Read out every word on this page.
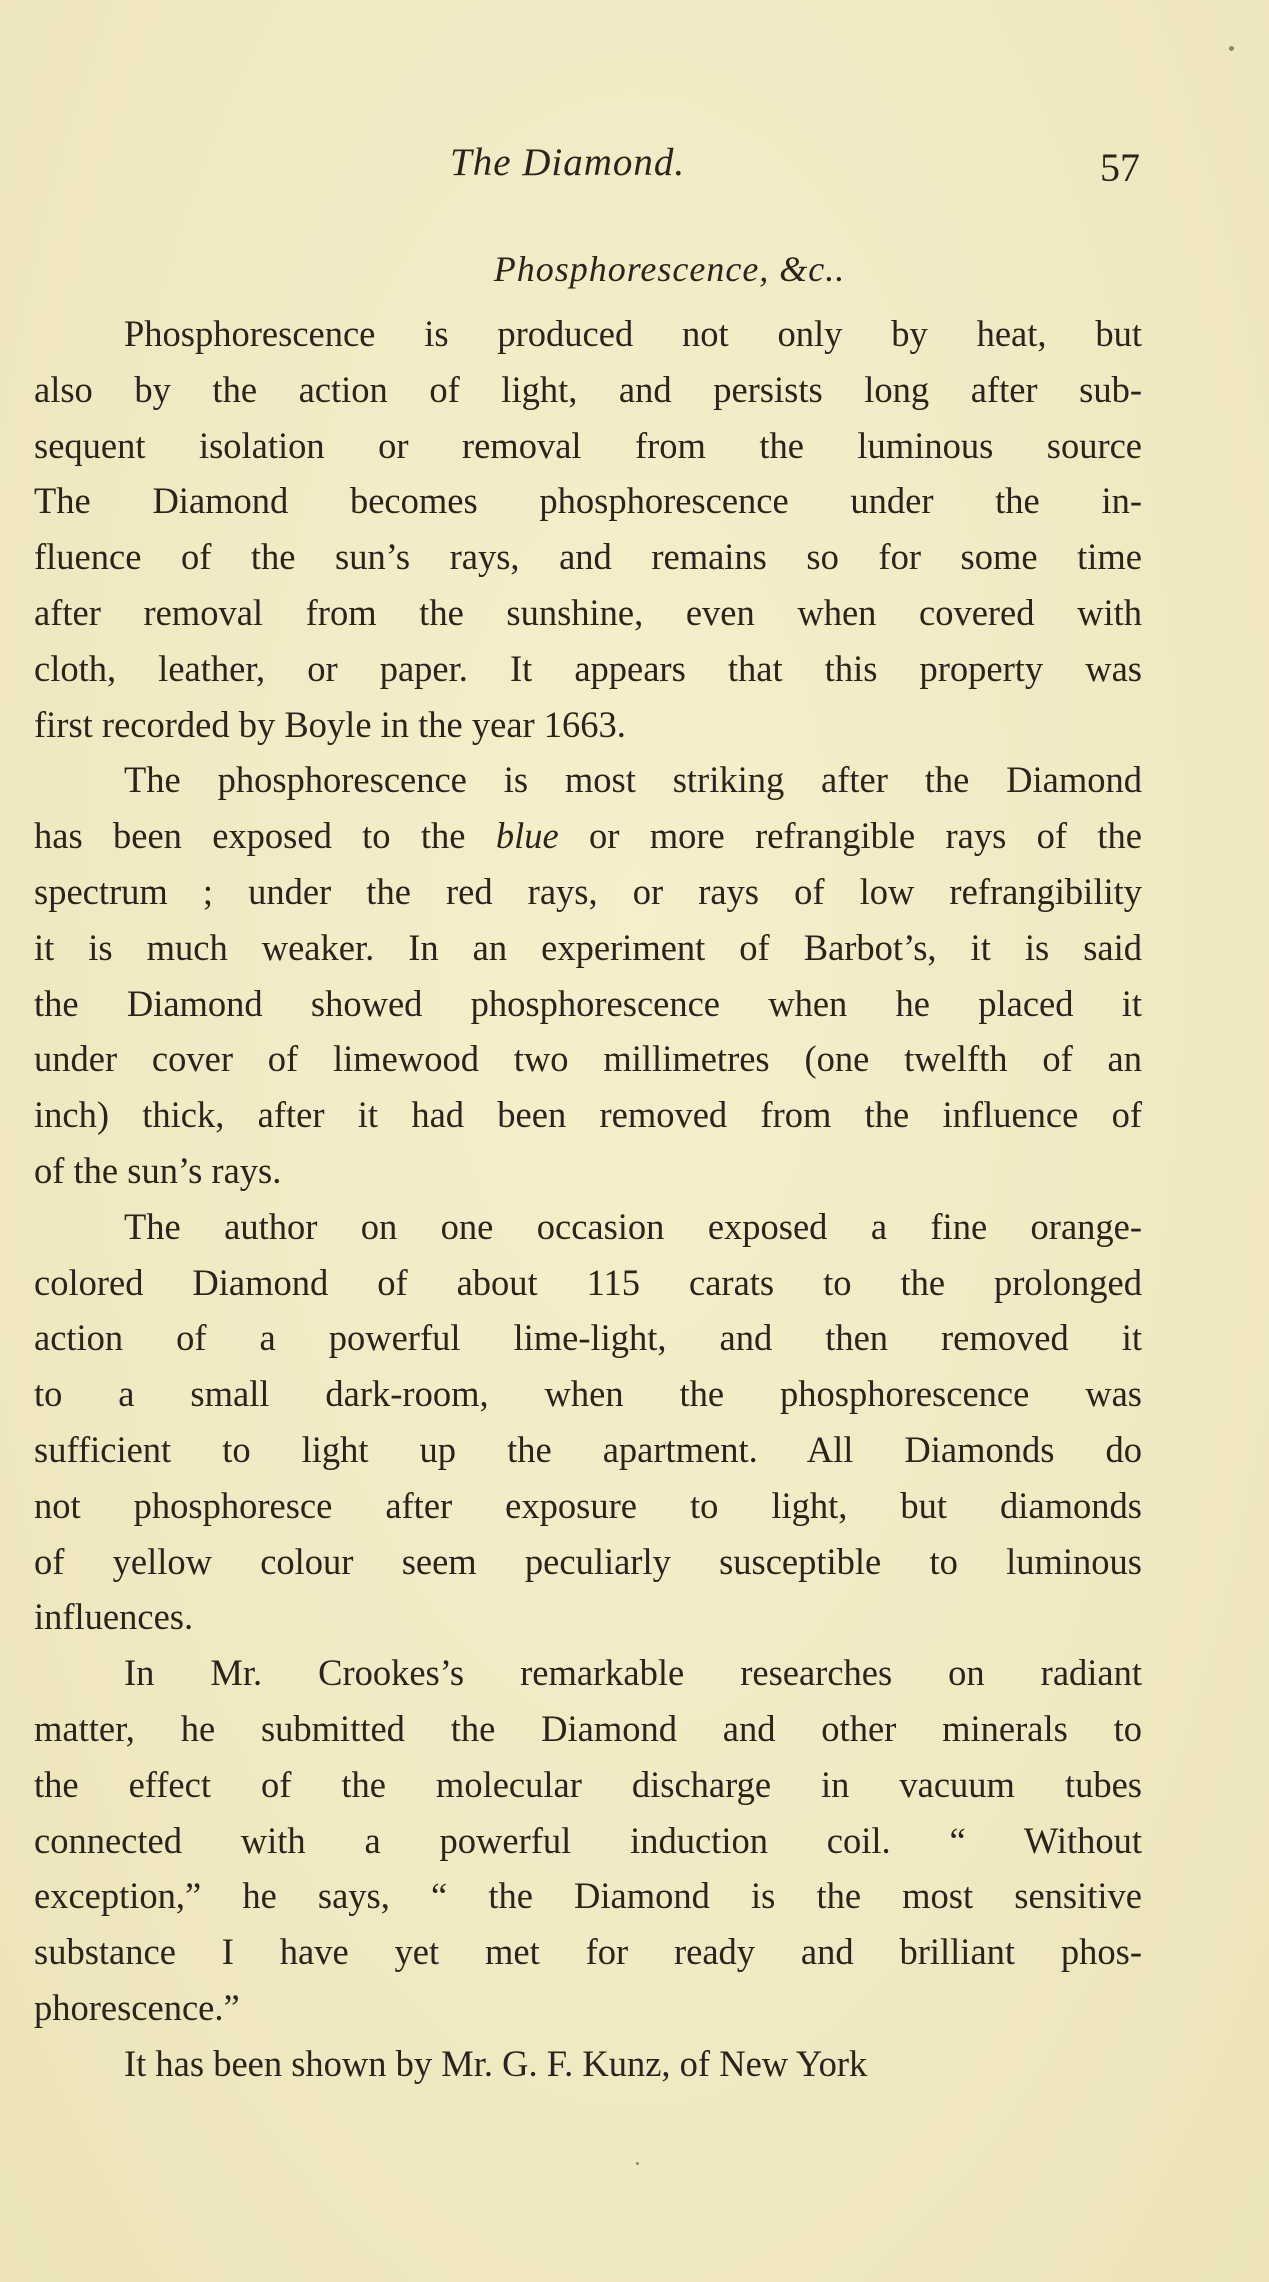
The Diamond.	57
Phosphorescence, &c..
Phosphorescence is produced not only by heat, but
also by the action of light, and persists long after sub-
sequent isolation or removal from the luminous source
The Diamond becomes phosphorescence under the in-
fluence of the sun’s rays, and remains so for some time
after removal from the sunshine, even when covered with
cloth, leather, or paper. It appears that this property was
first recorded by Boyle in the year 1663.
The phosphorescence is most striking after the Diamond
has been exposed to the blue or more refrangible rays of the
spectrum ; under the red rays, or rays of low refrangibility
it is much weaker. In an experiment of Barbot’s, it is said
the Diamond showed phosphorescence when he placed it
under cover of limewood two millimetres (one twelfth of an
inch) thick, after it had been removed from the influence of
of the sun’s rays.
The author on one occasion exposed a fine orange-
colored Diamond of about 115 carats to the prolonged
action of a powerful lime-light, and then removed it
to a small dark-room, when the phosphorescence was
sufficient to light up the apartment. All Diamonds do
not phosphoresce after exposure to light, but diamonds
of yellow colour seem peculiarly susceptible to luminous
influences.
In Mr. Crookes’s remarkable researches on radiant
matter, he submitted the Diamond and other minerals to
the effect of the molecular discharge in vacuum tubes
connected with a powerful induction coil. “ Without
exception,” he says, “ the Diamond is the most sensitive
substance I have yet met for ready and brilliant phos-
phorescence.”
It has been shown by Mr. G. F. Kunz, of New York
